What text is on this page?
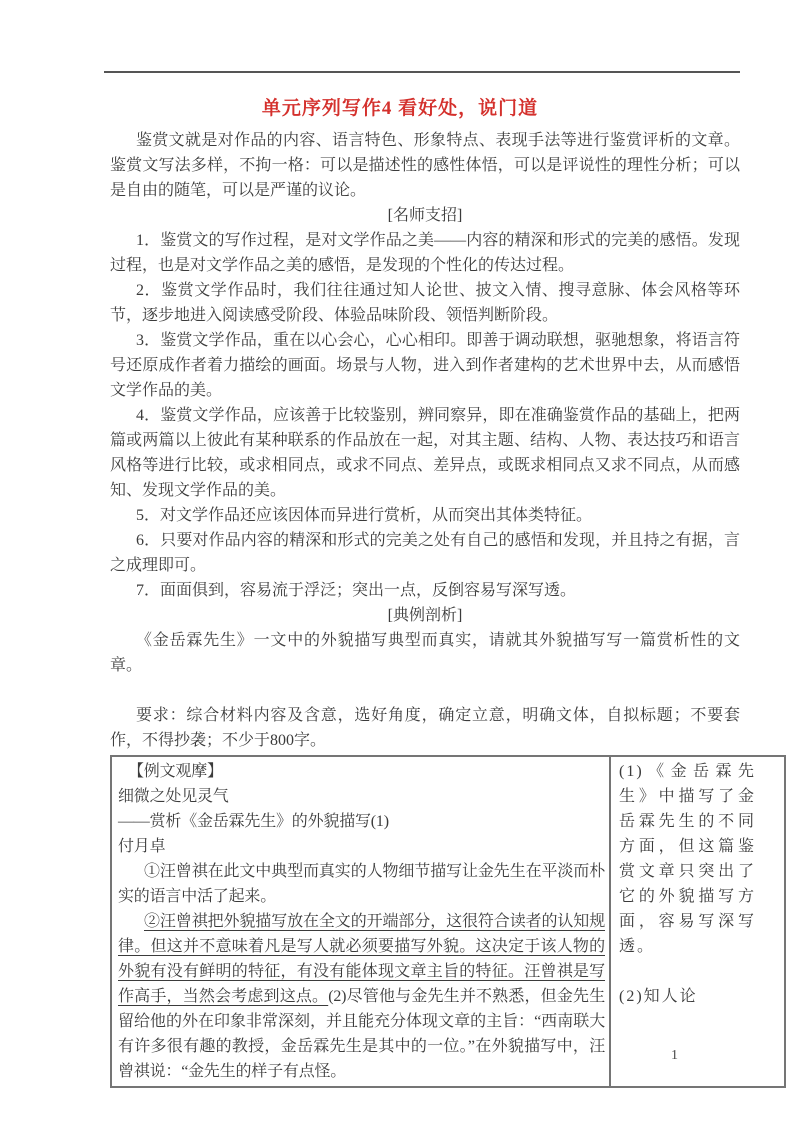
单元序列写作4 看好处，说门道

鉴赏文就是对作品的内容、语言特色、形象特点、表现手法等进行鉴赏评析的文章。鉴赏文写法多样，不拘一格：可以是描述性的感性体悟，可以是评说性的理性分析；可以是自由的随笔，可以是严谨的议论。

[名师支招]

1．鉴赏文的写作过程，是对文学作品之美——内容的精深和形式的完美的感悟。发现过程，也是对文学作品之美的感悟，是发现的个性化的传达过程。

2．鉴赏文学作品时，我们往往通过知人论世、披文入情、搜寻意脉、体会风格等环节，逐步地进入阅读感受阶段、体验品味阶段、领悟判断阶段。

3．鉴赏文学作品，重在以心会心，心心相印。即善于调动联想，驱驰想象，将语言符号还原成作者着力描绘的画面。场景与人物，进入到作者建构的艺术世界中去，从而感悟文学作品的美。

4．鉴赏文学作品，应该善于比较鉴别，辨同察异，即在准确鉴赏作品的基础上，把两篇或两篇以上彼此有某种联系的作品放在一起，对其主题、结构、人物、表达技巧和语言风格等进行比较，或求相同点，或求不同点、差异点，或既求相同点又求不同点，从而感知、发现文学作品的美。

5．对文学作品还应该因体而异进行赏析，从而突出其体类特征。

6．只要对作品内容的精深和形式的完美之处有自己的感悟和发现，并且持之有据，言之成理即可。

7．面面俱到，容易流于浮泛；突出一点，反倒容易写深写透。

[典例剖析]

《金岳霖先生》一文中的外貌描写典型而真实，请就其外貌描写写一篇赏析性的文章。

要求：综合材料内容及含意，选好角度，确定立意，明确文体，自拟标题；不要套作，不得抄袭；不少于800字。

【例文观摩】

细微之处见灵气

——赏析《金岳霖先生》的外貌描写(1)

付月卓

①汪曾祺在此文中典型而真实的人物细节描写让金先生在平淡而朴实的语言中活了起来。

②汪曾祺把外貌描写放在全文的开端部分，这很符合读者的认知规律。但这并不意味着凡是写人就必须要描写外貌。这决定于该人物的外貌有没有鲜明的特征，有没有能体现文章主旨的特征。汪曾祺是写作高手，当然会考虑到这点。(2)尽管他与金先生并不熟悉，但金先生留给他的外在印象非常深刻，并且能充分体现文章的主旨：“西南联大有许多很有趣的教授，金岳霖先生是其中的一位。”在外貌描写中，汪曾祺说：“金先生的样子有点怪。

(1)《金岳霖先生》中描写了金岳霖先生的不同方面，但这篇鉴赏文章只突出了它的外貌描写方面，容易写深写透。

(2)知人论

1
